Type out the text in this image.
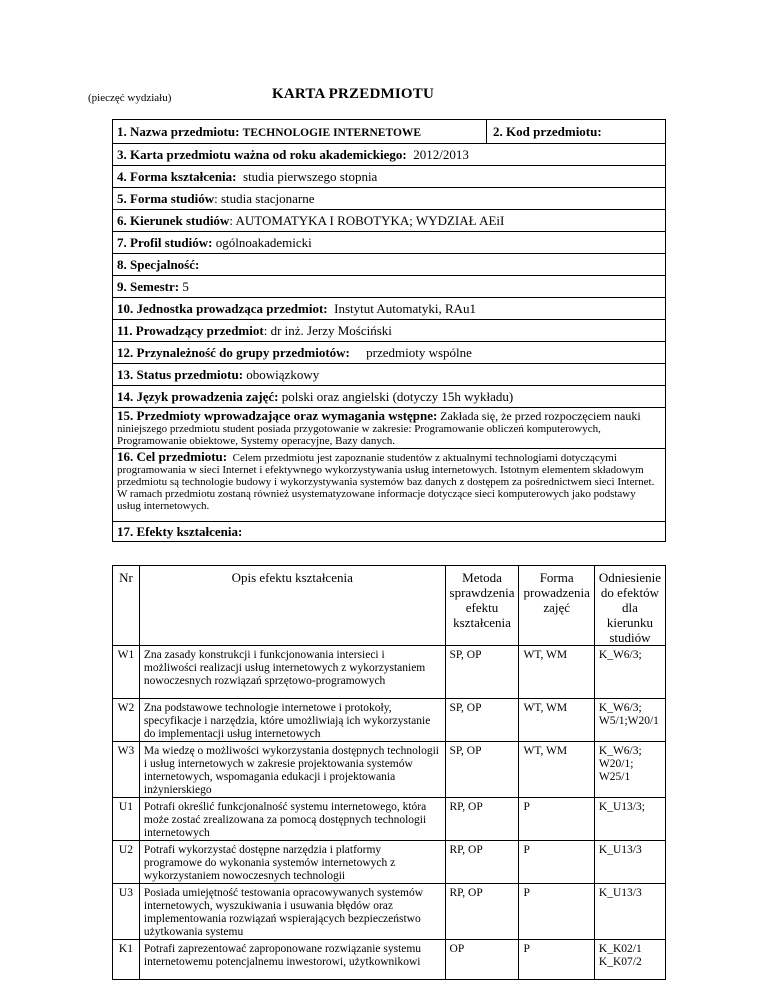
(pieczęć wydziału)	KARTA PRZEDMIOTU
1. Nazwa przedmiotu: TECHNOLOGIE INTERNETOWE	2. Kod przedmiotu:
3. Karta przedmiotu ważna od roku akademickiego: 2012/2013
4. Forma kształcenia: studia pierwszego stopnia
5. Forma studiów: studia stacjonarne
6. Kierunek studiów: AUTOMATYKA I ROBOTYKA; WYDZIAŁ AEiI
7. Profil studiów: ogólnoakademicki
8. Specjalność:
9. Semestr: 5
10. Jednostka prowadząca przedmiot: Instytut Automatyki, RAu1
11. Prowadzący przedmiot: dr inż. Jerzy Mościński
12. Przynależność do grupy przedmiotów: przedmioty wspólne
13. Status przedmiotu: obowiązkowy
14. Język prowadzenia zajęć: polski oraz angielski (dotyczy 15h wykładu)
15. Przedmioty wprowadzające oraz wymagania wstępne: Zakłada się, że przed rozpoczęciem nauki niniejszego przedmiotu student posiada przygotowanie w zakresie: Programowanie obliczeń komputerowych, Programowanie obiektowe, Systemy operacyjne, Bazy danych.
16. Cel przedmiotu: Celem przedmiotu jest zapoznanie studentów z aktualnymi technologiami dotyczącymi programowania w sieci Internet i efektywnego wykorzystywania usług internetowych. Istotnym elementem składowym przedmiotu są technologie budowy i wykorzystywania systemów baz danych z dostępem za pośrednictwem sieci Internet. W ramach przedmiotu zostaną również usystematyzowane informacje dotyczące sieci komputerowych jako podstawy usług internetowych.
17. Efekty kształcenia:
Nr	Opis efektu kształcenia	Metoda sprawdzenia efektu kształcenia	Forma prowadzenia zajęć	Odniesienie do efektów dla kierunku studiów
W1	Zna zasady konstrukcji i funkcjonowania intersieci i możliwości realizacji usług internetowych z wykorzystaniem nowoczesnych rozwiązań sprzętowo-programowych	SP, OP	WT, WM	K_W6/3;
W2	Zna podstawowe technologie internetowe i protokoły, specyfikacje i narzędzia, które umożliwiają ich wykorzystanie do implementacji usług internetowych	SP, OP	WT, WM	K_W6/3; W5/1;W20/1
W3	Ma wiedzę o możliwości wykorzystania dostępnych technologii i usług internetowych w zakresie projektowania systemów internetowych, wspomagania edukacji i projektowania inżynierskiego	SP, OP	WT, WM	K_W6/3; W20/1; W25/1
U1	Potrafi określić funkcjonalność systemu internetowego, która może zostać zrealizowana za pomocą dostępnych technologii internetowych	RP, OP	P	K_U13/3;
U2	Potrafi wykorzystać dostępne narzędzia i platformy programowe do wykonania systemów internetowych z wykorzystaniem nowoczesnych technologii	RP, OP	P	K_U13/3
U3	Posiada umiejętność testowania opracowywanych systemów internetowych, wyszukiwania i usuwania błędów oraz implementowania rozwiązań wspierających bezpieczeństwo użytkowania systemu	RP, OP	P	K_U13/3
K1	Potrafi zaprezentować zaproponowane rozwiązanie systemu internetowemu potencjalnemu inwestorowi, użytkownikowi	OP	P	K_K02/1 K_K07/2
